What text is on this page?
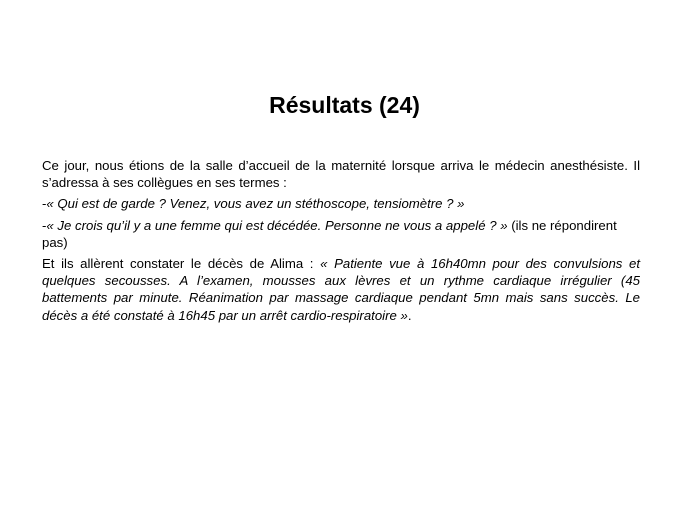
Résultats (24)

Ce jour, nous étions de la salle d’accueil de la maternité lorsque arriva le médecin anesthésiste. Il s’adressa à ses collègues en ses termes :

-« Qui est de garde ? Venez, vous avez un stéthoscope, tensiomètre ? »

-« Je crois qu’il y a une femme qui est décédée. Personne ne vous a appelé ? » (ils ne répondirent pas)

Et ils allèrent constater le décès de Alima : « Patiente vue à 16h40mn pour des convulsions et quelques secousses. A l’examen, mousses aux lèvres et un rythme cardiaque irrégulier (45 battements par minute. Réanimation par massage cardiaque pendant 5mn mais sans succès. Le décès a été constaté à 16h45 par un arrêt cardio-respiratoire ».
